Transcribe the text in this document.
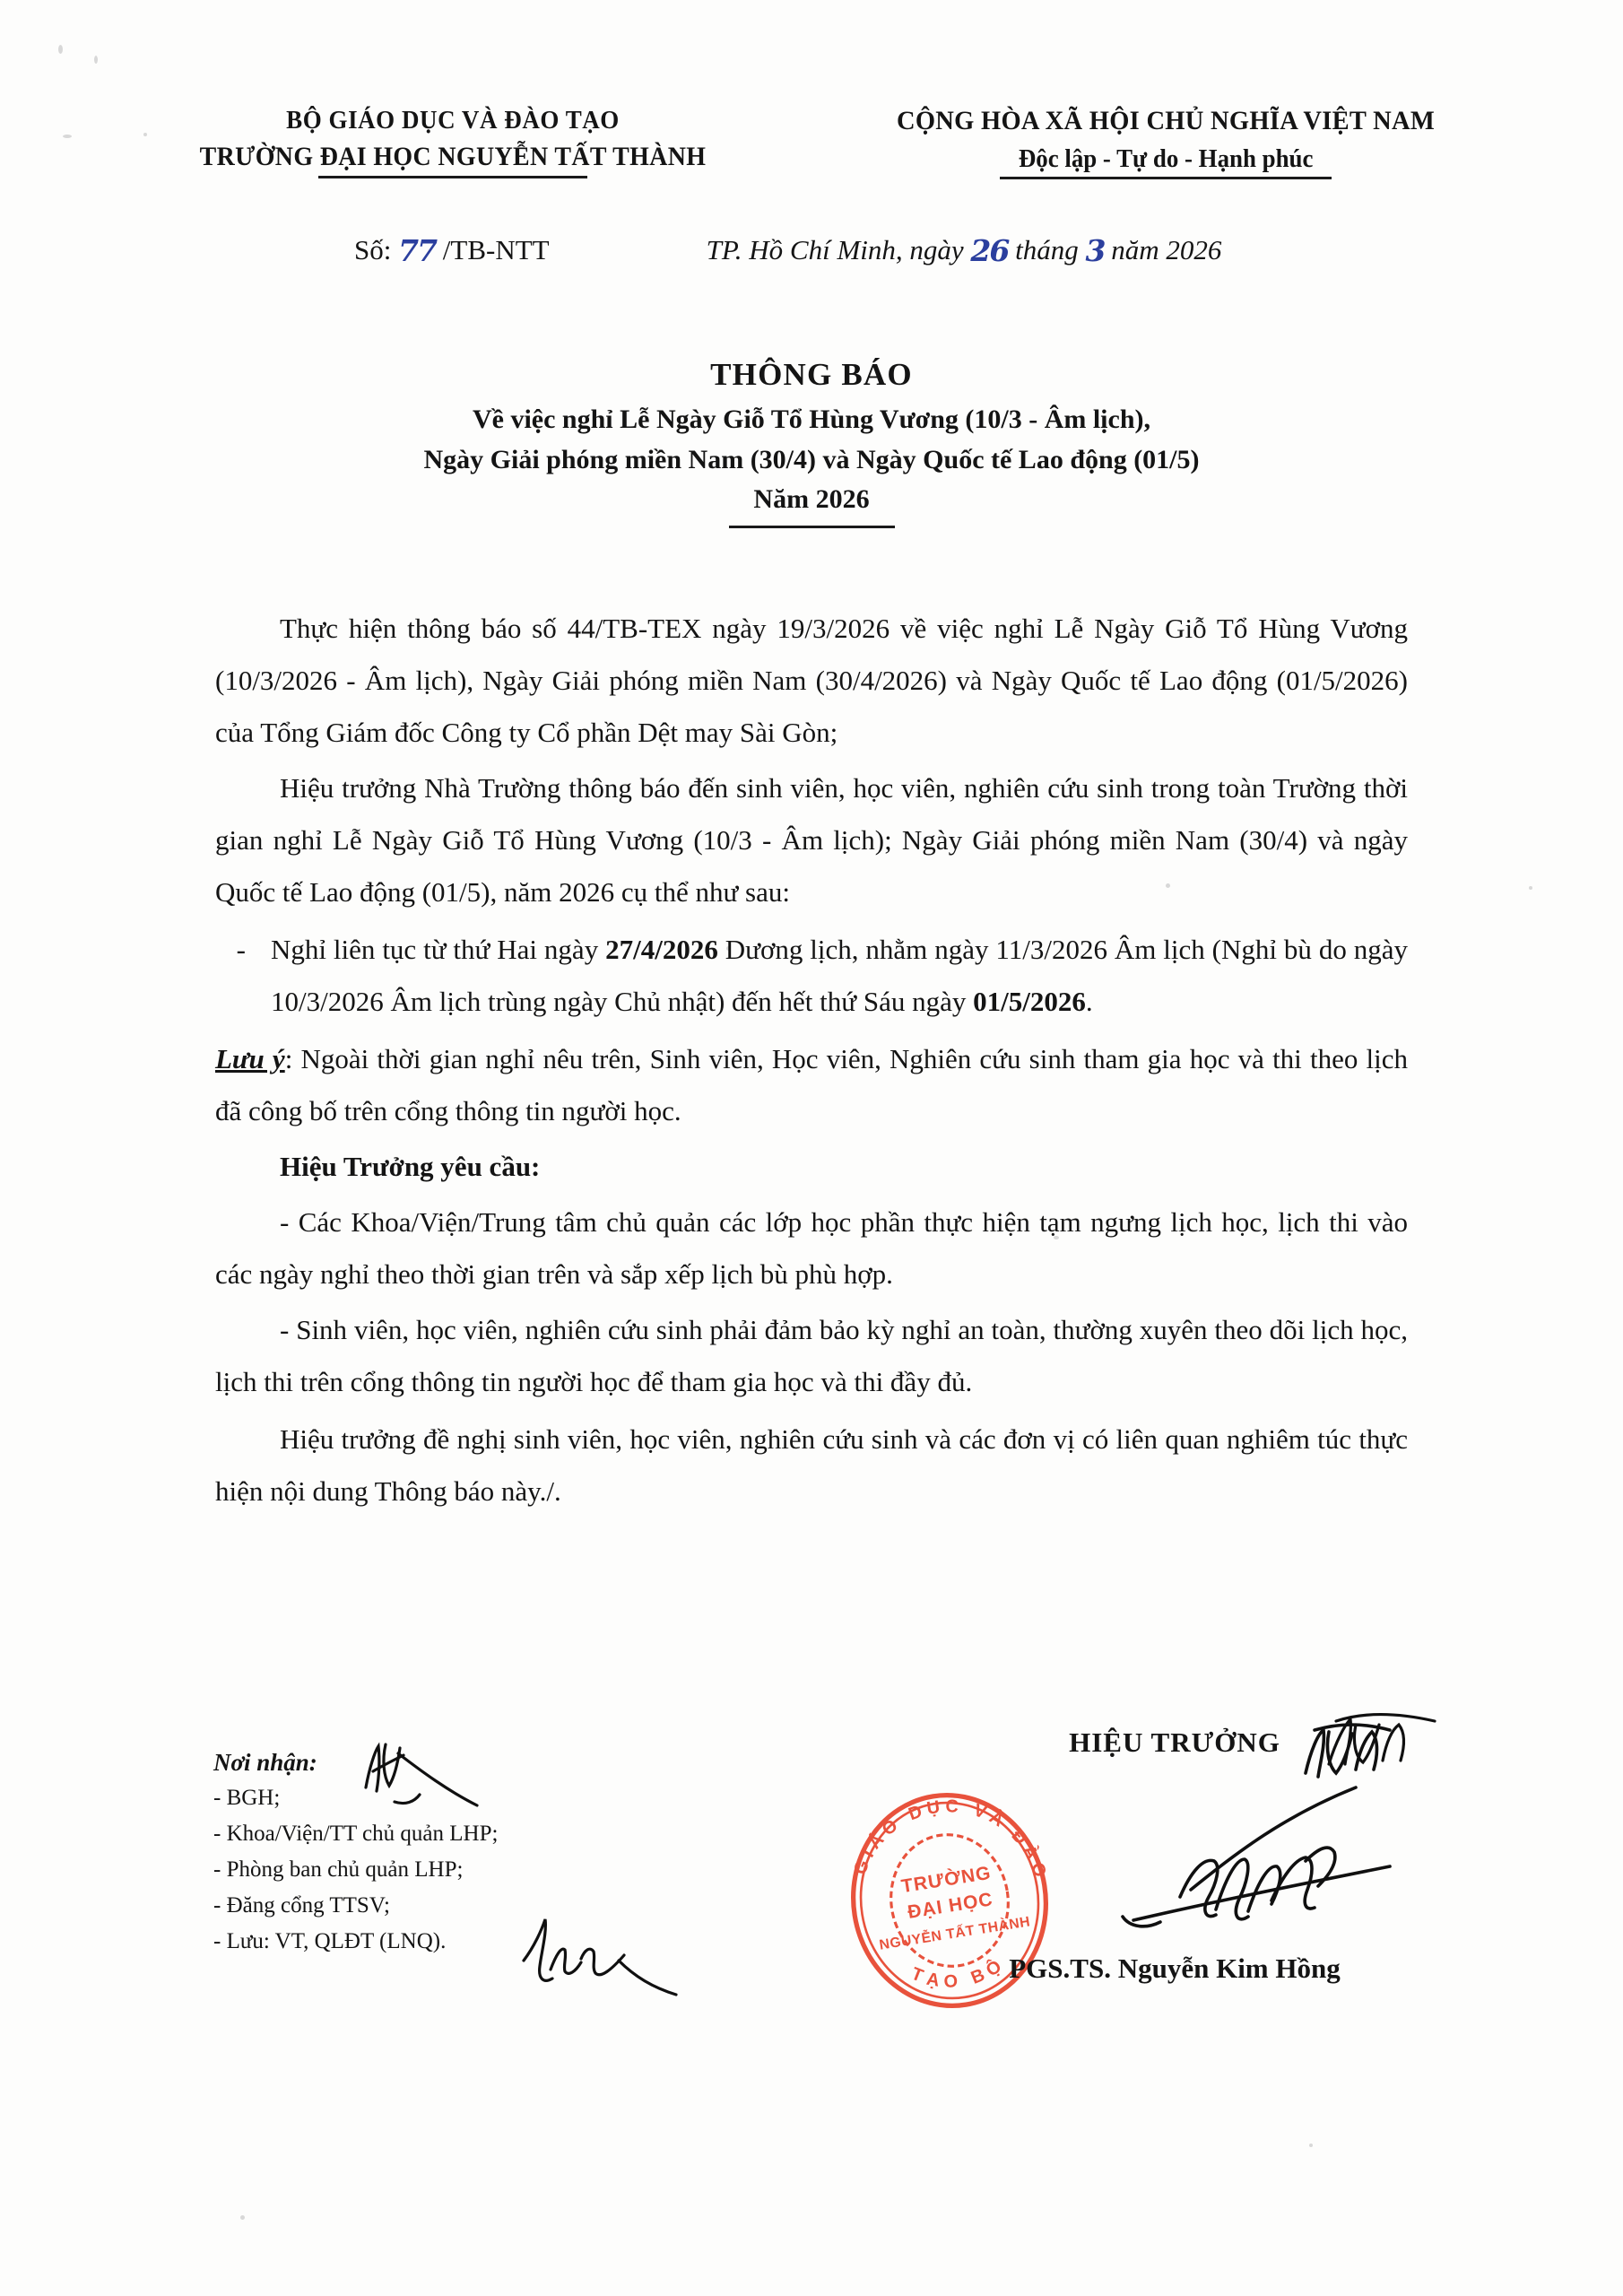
BỘ GIÁO DỤC VÀ ĐÀO TẠO
TRƯỜNG ĐẠI HỌC NGUYỄN TẤT THÀNH
CỘNG HÒA XÃ HỘI CHỦ NGHĨA VIỆT NAM
Độc lập - Tự do - Hạnh phúc
Số: 77 /TB-NTT	TP. Hồ Chí Minh, ngày 26 tháng 3 năm 2026
THÔNG BÁO
Về việc nghỉ Lễ Ngày Giỗ Tổ Hùng Vương (10/3 - Âm lịch),
Ngày Giải phóng miền Nam (30/4) và Ngày Quốc tế Lao động (01/5)
Năm 2026

Thực hiện thông báo số 44/TB-TEX ngày 19/3/2026 về việc nghỉ Lễ Ngày Giỗ Tổ Hùng Vương (10/3/2026 - Âm lịch), Ngày Giải phóng miền Nam (30/4/2026) và Ngày Quốc tế Lao động (01/5/2026) của Tổng Giám đốc Công ty Cổ phần Dệt may Sài Gòn;

Hiệu trưởng Nhà Trường thông báo đến sinh viên, học viên, nghiên cứu sinh trong toàn Trường thời gian nghỉ Lễ Ngày Giỗ Tổ Hùng Vương (10/3 - Âm lịch); Ngày Giải phóng miền Nam (30/4) và ngày Quốc tế Lao động (01/5), năm 2026 cụ thể như sau:

- Nghỉ liên tục từ thứ Hai ngày 27/4/2026 Dương lịch, nhằm ngày 11/3/2026 Âm lịch (Nghỉ bù do ngày 10/3/2026 Âm lịch trùng ngày Chủ nhật) đến hết thứ Sáu ngày 01/5/2026.

Lưu ý: Ngoài thời gian nghỉ nêu trên, Sinh viên, Học viên, Nghiên cứu sinh tham gia học và thi theo lịch đã công bố trên cổng thông tin người học.

Hiệu Trưởng yêu cầu:

- Các Khoa/Viện/Trung tâm chủ quản các lớp học phần thực hiện tạm ngưng lịch học, lịch thi vào các ngày nghỉ theo thời gian trên và sắp xếp lịch bù phù hợp.

- Sinh viên, học viên, nghiên cứu sinh phải đảm bảo kỳ nghỉ an toàn, thường xuyên theo dõi lịch học, lịch thi trên cổng thông tin người học để tham gia học và thi đầy đủ.

Hiệu trưởng đề nghị sinh viên, học viên, nghiên cứu sinh và các đơn vị có liên quan nghiêm túc thực hiện nội dung Thông báo này./.

GIÁO DỤC VÀ ĐÀO
TẠO BỘ
TRƯỜNG
ĐẠI HỌC
NGUYỄN TẤT THÀNH
Nơi nhận:
- BGH;
- Khoa/Viện/TT chủ quản LHP;
- Phòng ban chủ quản LHP;
- Đăng cổng TTSV;
- Lưu: VT, QLĐT (LNQ).
HIỆU TRƯỞNG
PGS.TS. Nguyễn Kim Hồng
